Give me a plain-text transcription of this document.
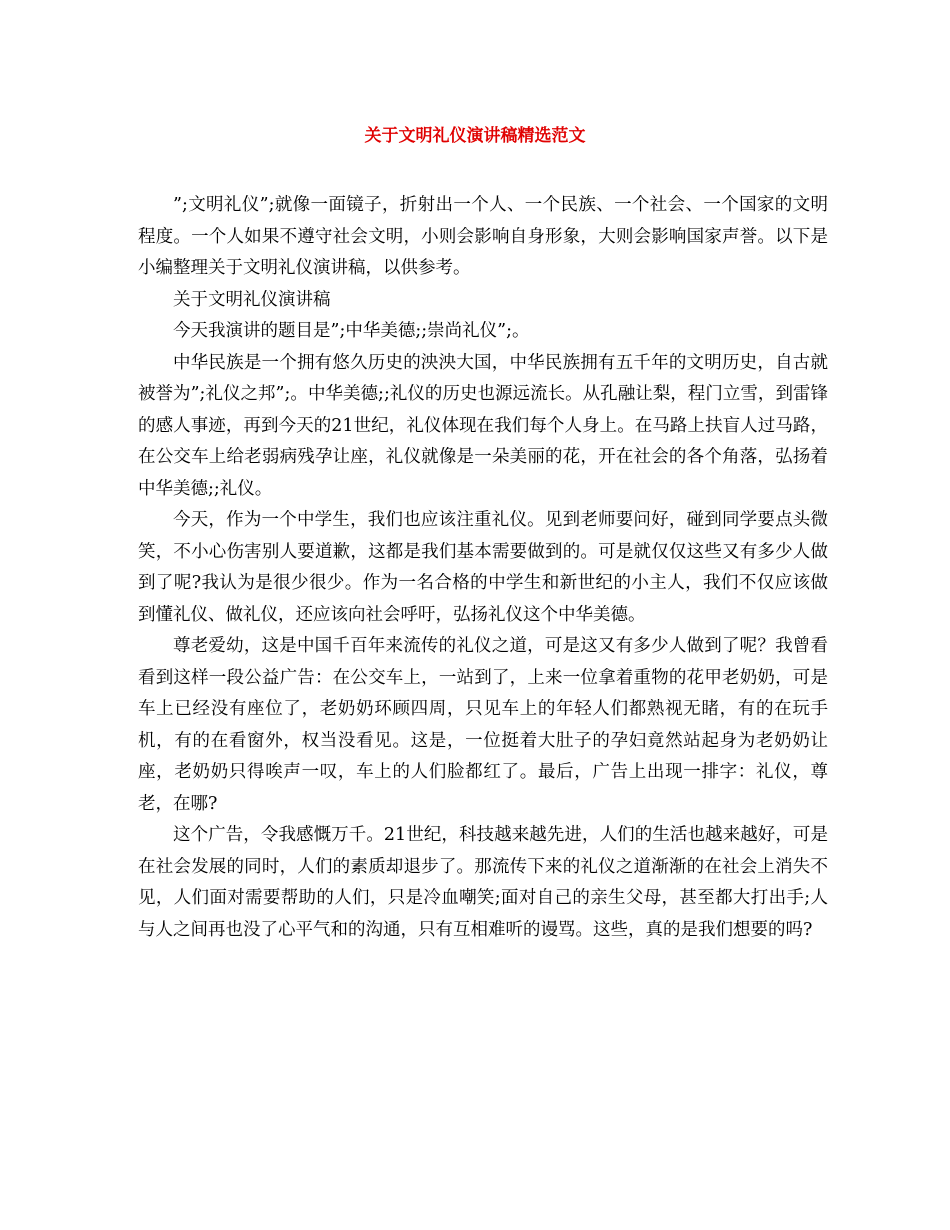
关于文明礼仪演讲稿精选范文

”;文明礼仪”;就像一面镜子，折射出一个人、一个民族、一个社会、一个国家的文明程度。一个人如果不遵守社会文明，小则会影响自身形象，大则会影响国家声誉。以下是小编整理关于文明礼仪演讲稿，以供参考。

关于文明礼仪演讲稿

今天我演讲的题目是”;中华美德;;崇尚礼仪”;。

中华民族是一个拥有悠久历史的泱泱大国，中华民族拥有五千年的文明历史，自古就被誉为”;礼仪之邦”;。中华美德;;礼仪的历史也源远流长。从孔融让梨，程门立雪，到雷锋的感人事迹，再到今天的21世纪，礼仪体现在我们每个人身上。在马路上扶盲人过马路，在公交车上给老弱病残孕让座，礼仪就像是一朵美丽的花，开在社会的各个角落，弘扬着中华美德;;礼仪。

今天，作为一个中学生，我们也应该注重礼仪。见到老师要问好，碰到同学要点头微笑，不小心伤害别人要道歉，这都是我们基本需要做到的。可是就仅仅这些又有多少人做到了呢?我认为是很少很少。作为一名合格的中学生和新世纪的小主人，我们不仅应该做到懂礼仪、做礼仪，还应该向社会呼吁，弘扬礼仪这个中华美德。

尊老爱幼，这是中国千百年来流传的礼仪之道，可是这又有多少人做到了呢？我曾看看到这样一段公益广告：在公交车上，一站到了，上来一位拿着重物的花甲老奶奶，可是车上已经没有座位了，老奶奶环顾四周，只见车上的年轻人们都熟视无睹，有的在玩手机，有的在看窗外，权当没看见。这是，一位挺着大肚子的孕妇竟然站起身为老奶奶让座，老奶奶只得唉声一叹，车上的人们脸都红了。最后，广告上出现一排字：礼仪，尊老，在哪?

这个广告，令我感慨万千。21世纪，科技越来越先进，人们的生活也越来越好，可是在社会发展的同时，人们的素质却退步了。那流传下来的礼仪之道渐渐的在社会上消失不见，人们面对需要帮助的人们，只是冷血嘲笑;面对自己的亲生父母，甚至都大打出手;人与人之间再也没了心平气和的沟通，只有互相难听的谩骂。这些，真的是我们想要的吗?
